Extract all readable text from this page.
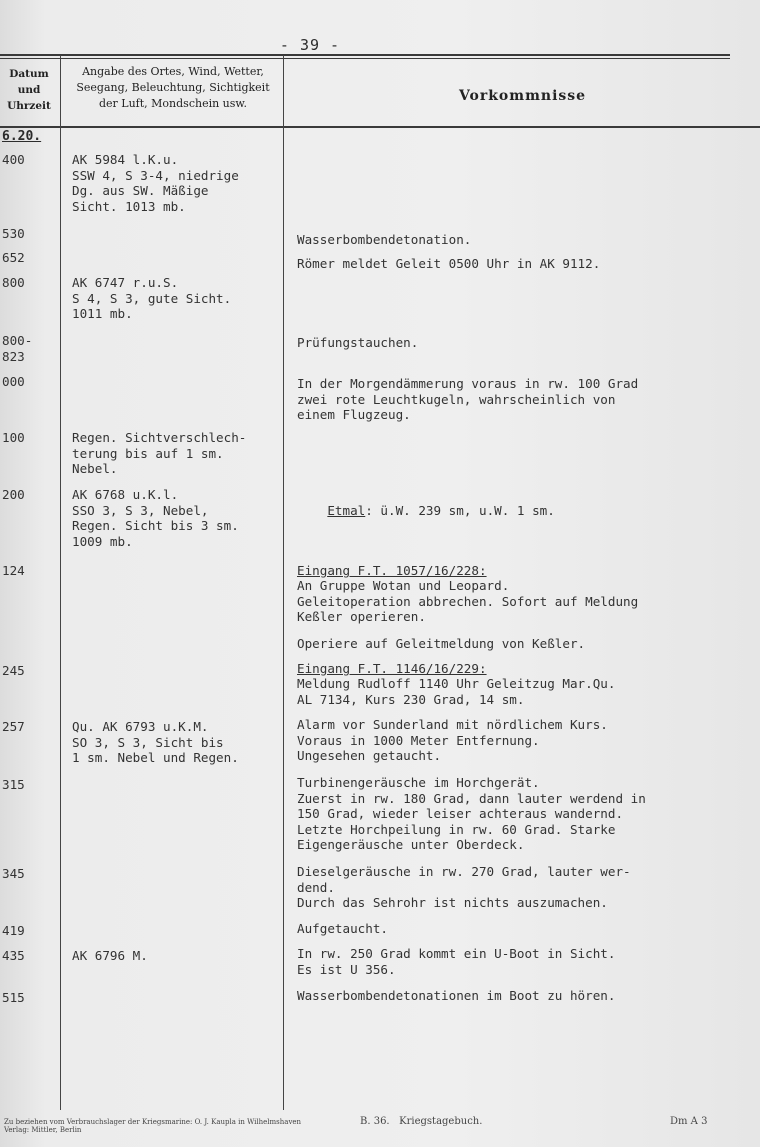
- 39 -
Datum
und
Uhrzeit
Angabe des Ortes, Wind, Wetter,
Seegang, Beleuchtung, Sichtigkeit
der Luft, Mondschein usw.	Vorkommnisse
6.20.
400
530
652
800
800-
823
000
100
200
124
245
257
315
345
419
435
515
AK 5984 l.K.u.
SSW 4, S 3-4, niedrige
Dg. aus SW. Mäßige
Sicht. 1013 mb.
AK 6747 r.u.S.
S 4, S 3, gute Sicht.
1011 mb.
Regen. Sichtverschlech-
terung bis auf 1 sm.
Nebel.
AK 6768 u.K.l.
SSO 3, S 3, Nebel,
Regen. Sicht bis 3 sm.
1009 mb.
Qu. AK 6793 u.K.M.
SO 3, S 3, Sicht bis
1 sm. Nebel und Regen.
AK 6796 M.
Wasserbombendetonation.
Römer meldet Geleit 0500 Uhr in AK 9112.
Prüfungstauchen.
In der Morgendämmerung voraus in rw. 100 Grad
zwei rote Leuchtkugeln, wahrscheinlich von
einem Flugzeug.

Etmal: ü.W. 239 sm, u.W. 1 sm.

Eingang F.T. 1057/16/228:
An Gruppe Wotan und Leopard.
Geleitoperation abbrechen. Sofort auf Meldung
Keßler operieren.
Operiere auf Geleitmeldung von Keßler.
Eingang F.T. 1146/16/229:
Meldung Rudloff 1140 Uhr Geleitzug Mar.Qu.
AL 7134, Kurs 230 Grad, 14 sm.
Alarm vor Sunderland mit nördlichem Kurs.
Voraus in 1000 Meter Entfernung.
Ungesehen getaucht.
Turbinengeräusche im Horchgerät.
Zuerst in rw. 180 Grad, dann lauter werdend in
150 Grad, wieder leiser achteraus wandernd.
Letzte Horchpeilung in rw. 60 Grad. Starke
Eigengeräusche unter Oberdeck.
Dieselgeräusche in rw. 270 Grad, lauter wer-
dend.
Durch das Sehrohr ist nichts auszumachen.
Aufgetaucht.
In rw. 250 Grad kommt ein U-Boot in Sicht.
Es ist U 356.
Wasserbombendetonationen im Boot zu hören.
Zu beziehen vom Verbrauchslager der Kriegsmarine: O. J. Kaupla in Wilhelmshaven
Verlag: Mittler, Berlin
B. 36.   Kriegstagebuch.	Dm A 3
